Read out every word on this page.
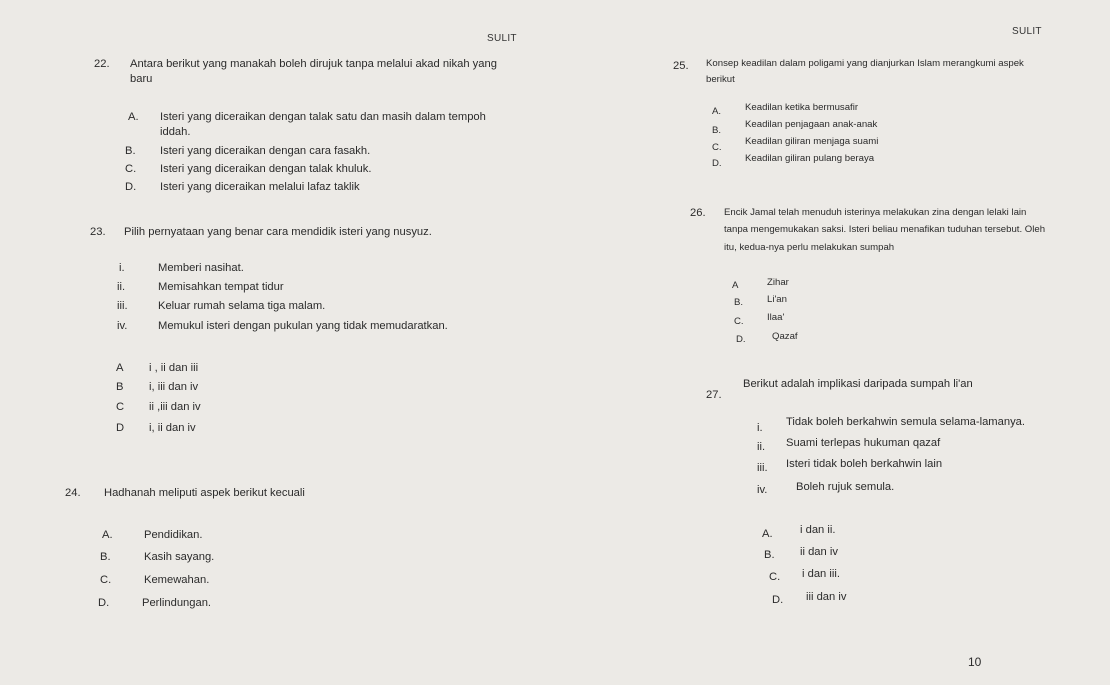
SULIT
SULIT
22. Antara berikut yang manakah boleh dirujuk tanpa melalui akad nikah yang
baru
A. Isteri yang diceraikan dengan talak satu dan masih dalam tempoh
iddah.
B. Isteri yang diceraikan dengan cara fasakh.
C. Isteri yang diceraikan dengan talak khuluk.
D. Isteri yang diceraikan melalui lafaz taklik
23. Pilih pernyataan yang benar cara mendidik isteri yang nusyuz.
i.	Memberi nasihat.
ii.	Memisahkan tempat tidur
iii.	Keluar rumah selama tiga malam.
iv.	Memukul isteri dengan pukulan yang tidak memudaratkan.
A i , ii dan iii
B i, iii dan iv
C ii ,iii dan iv
D i, ii dan iv
24. Hadhanah meliputi aspek berikut kecuali
A.	Pendidikan.
B.	Kasih sayang.
C.	Kemewahan.
D.	Perlindungan.
25. Konsep keadilan dalam poligami yang dianjurkan Islam merangkumi aspek
berikut
A. Keadilan ketika bermusafir
B.
Keadilan penjagaan anak-anak
C.
Keadilan giliran menjaga suami
D. Keadilan giliran pulang beraya
26. Encik Jamal telah menuduh isterinya melakukan zina dengan lelaki lain
tanpa mengemukakan saksi. Isteri beliau menafikan tuduhan tersebut. Oleh
itu, kedua-nya perlu melakukan sumpah
A	Zihar
B. Li'an
C. Ilaa'
D.	Qazaf
27.
Berikut adalah implikasi daripada sumpah li'an
i. Tidak boleh berkahwin semula selama-lamanya.
ii. Suami terlepas hukuman qazaf
iii. Isteri tidak boleh berkahwin lain
iv.	Boleh rujuk semula.
A. i dan ii.
B. ii dan iv
C. i dan iii.
D. iii dan iv
10
